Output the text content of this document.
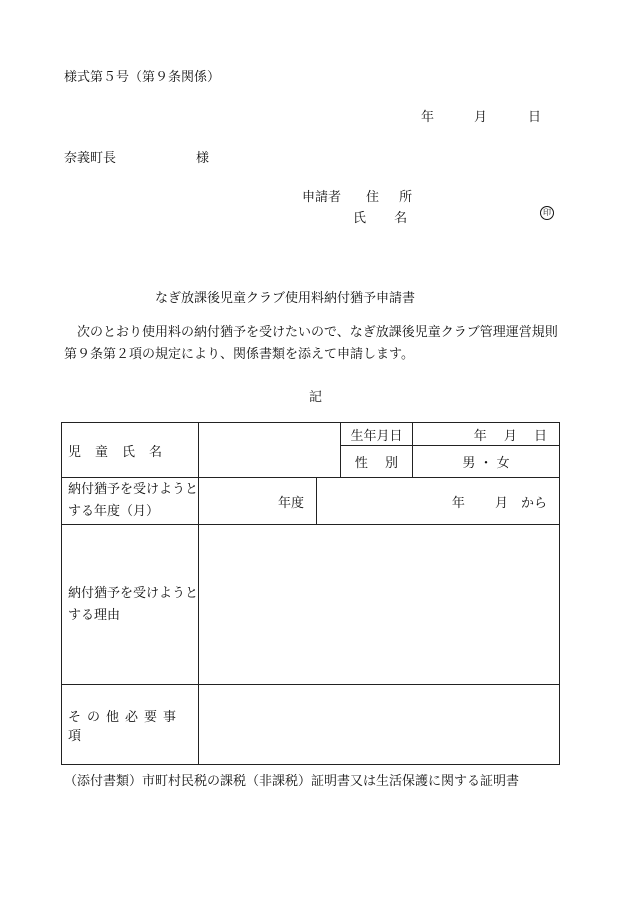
様式第５号（第９条関係）
年	月	日
奈義町長	様
申請者 住 所
氏 名	印
なぎ放課後児童クラブ使用料納付猶予申請書
　次のとおり使用料の納付猶予を受けたいので、なぎ放課後児童クラブ管理運営規則第９条第２項の規定により、関係書類を添えて申請します。
記
児童氏名			生年月日	年　 月　 日
			性　 別	男 ・ 女
納付猶予を受けようとする年度（月）	年度	年　　 月　から		
納付猶予を受けようとする理由				
その他必要事項				
（添付書類）市町村民税の課税（非課税）証明書又は生活保護に関する証明書
